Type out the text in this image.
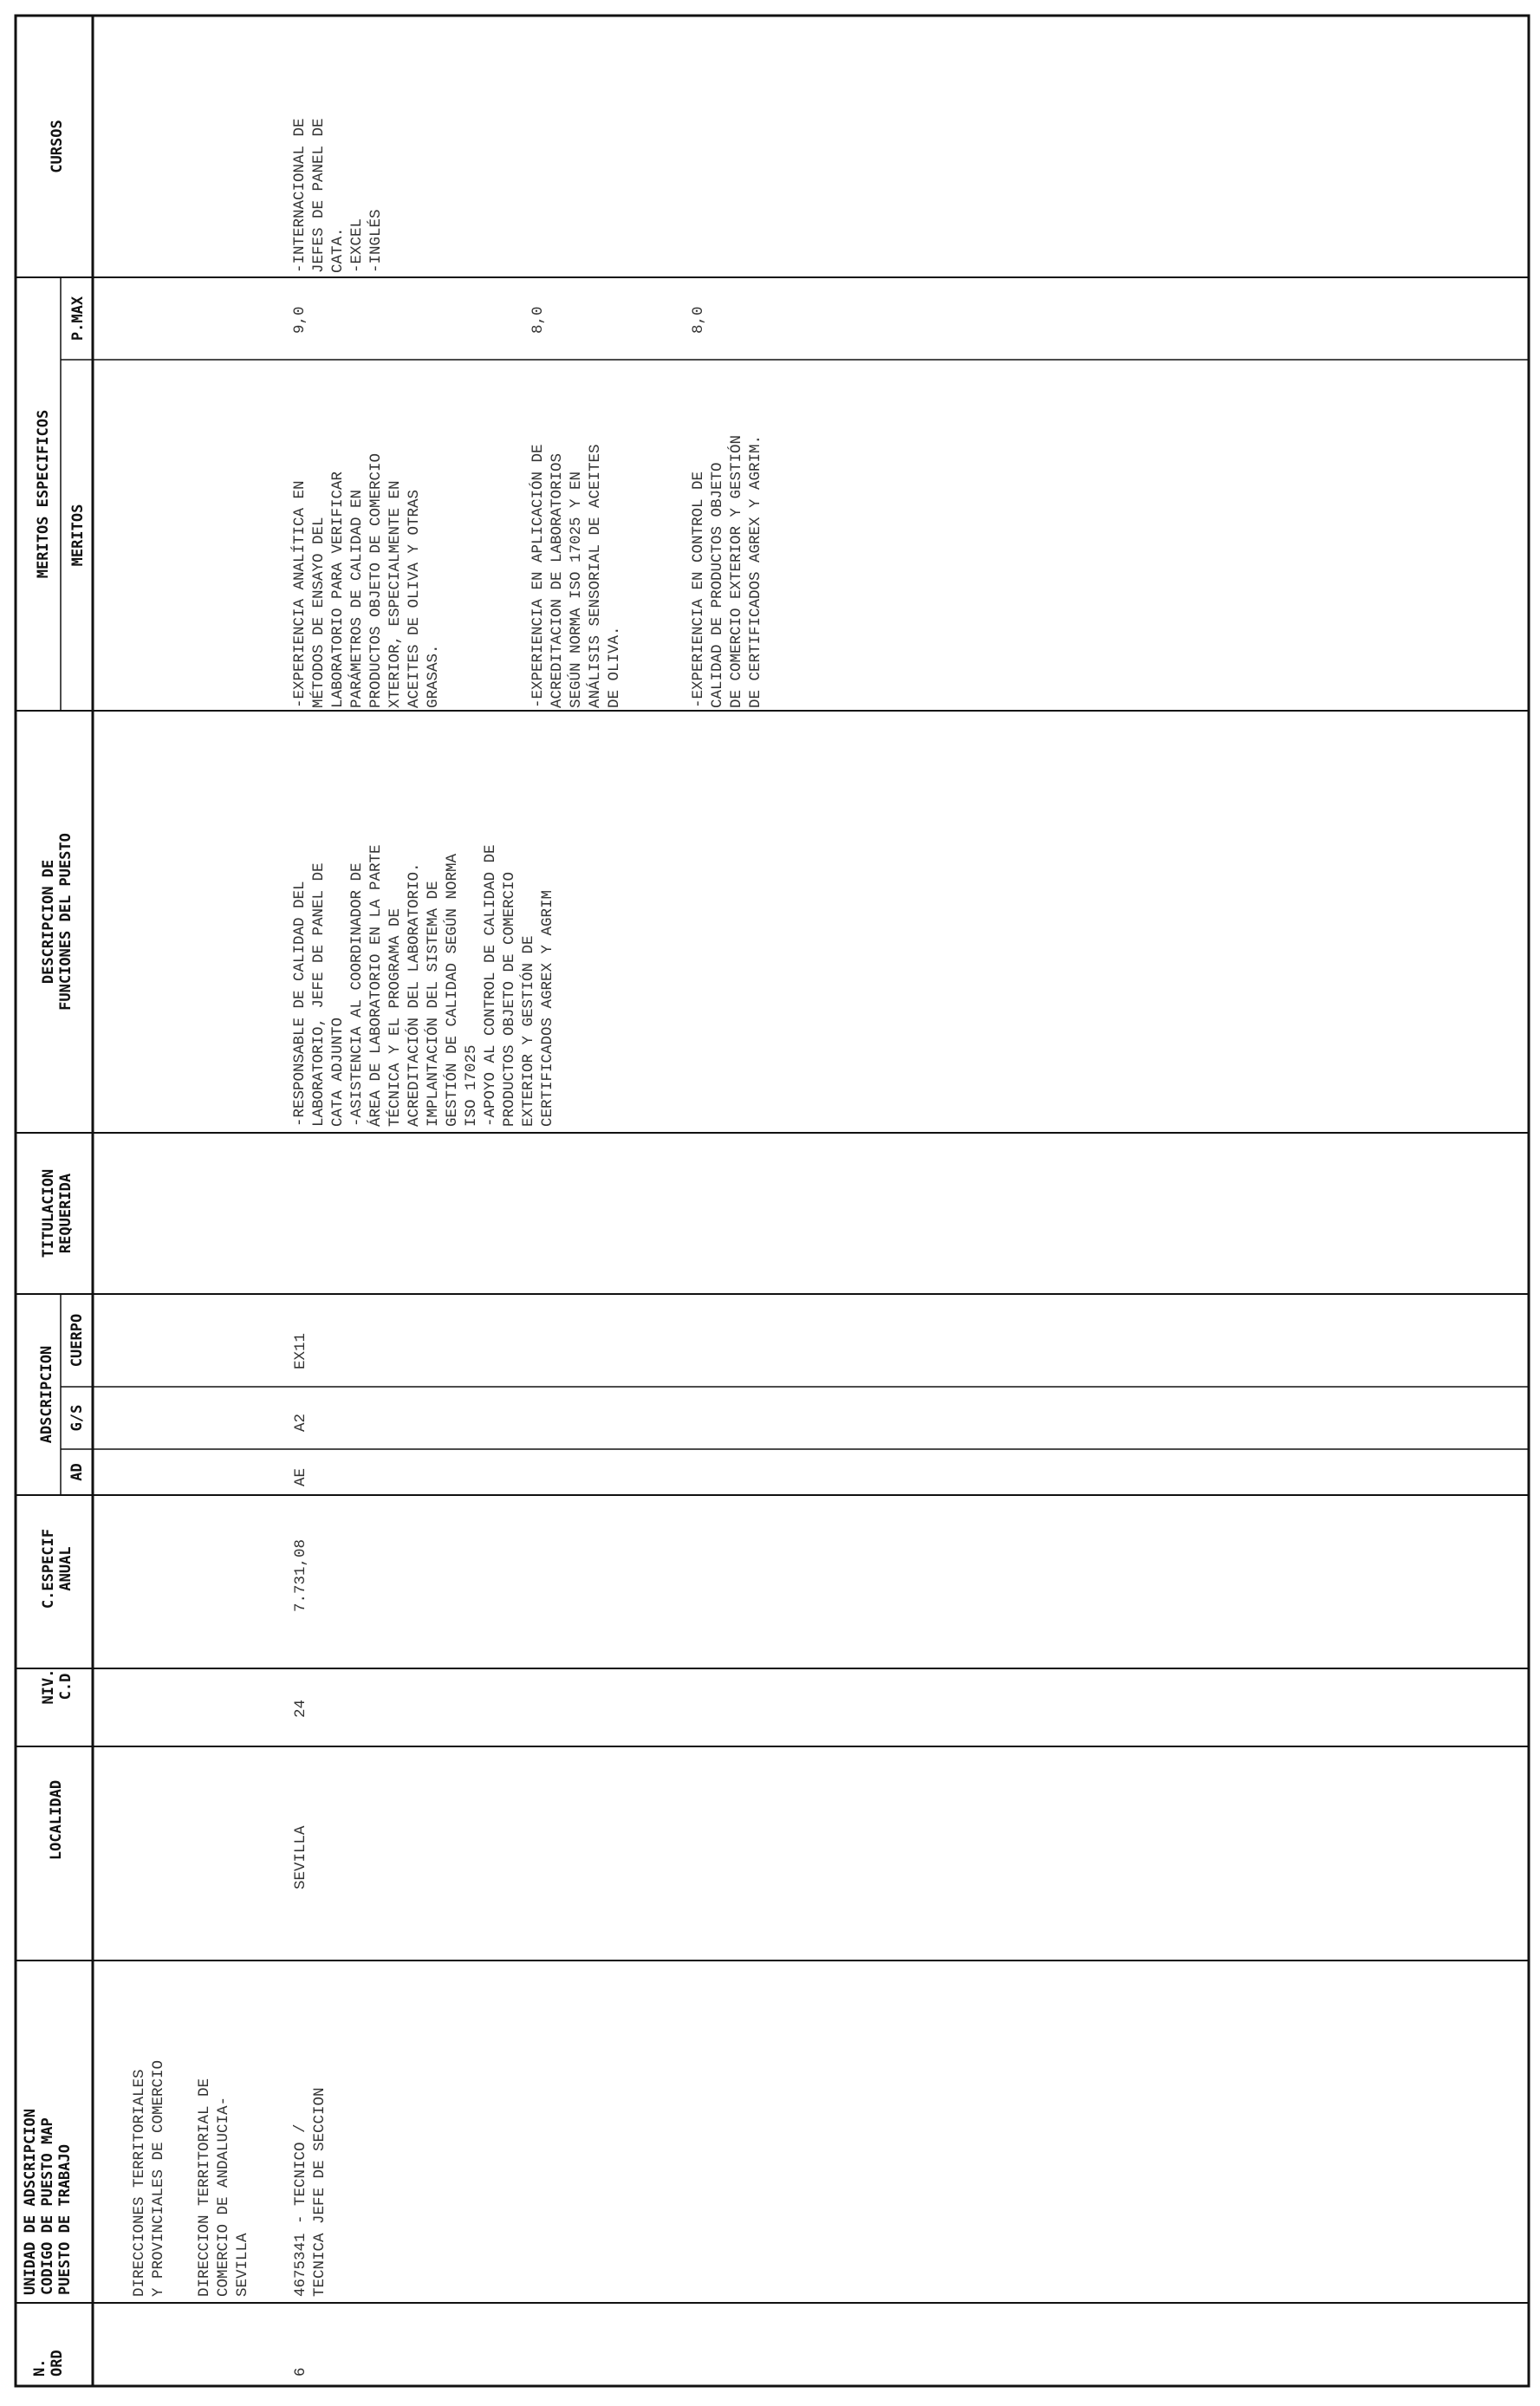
N. ORD
UNIDAD DE ADSCRIPCION CODIGO DE PUESTO MAP PUESTO DE TRABAJO
LOCALIDAD
NIV. C.D
C.ESPECIF ANUAL
ADSCRIPCION
AD
G/S
CUERPO
TITULACION REQUERIDA
DESCRIPCION DE FUNCIONES DEL PUESTO
MERITOS ESPECIFICOS MERITOS
P.MAX
CURSOS
DIRECCIONES TERRITORIALES Y PROVINCIALES DE COMERCIO DIRECCION TERRITORIAL DE COMERCIO DE ANDALUCIA- SEVILLA
6
4675341 - TECNICO / TECNICA JEFE DE SECCION
SEVILLA
24
7.731,08
AE
A2
EX11
-RESPONSABLE DE CALIDAD DEL LABORATORIO, JEFE DE PANEL DE CATA ADJUNTO -ASISTENCIA AL COORDINADOR DE ÁREA DE LABORATORIO EN LA PARTE TÉCNICA Y EL PROGRAMA DE ACREDITACIÓN DEL LABORATORIO. IMPLANTACIÓN DEL SISTEMA DE GESTIÓN DE CALIDAD SEGÚN NORMA ISO 17025 -APOYO AL CONTROL DE CALIDAD DE PRODUCTOS OBJETO DE COMERCIO EXTERIOR Y GESTIÓN DE CERTIFICADOS AGREX Y AGRIM
-EXPERIENCIA ANALÍTICA EN MÉTODOS DE ENSAYO DEL LABORATORIO PARA VERIFICAR PARÁMETROS DE CALIDAD EN PRODUCTOS OBJETO DE COMERCIO XTERIOR, ESPECIALMENTE EN ACEITES DE OLIVA Y OTRAS GRASAS.
9,0
-EXPERIENCIA EN APLICACIÓN DE ACREDITACION DE LABORATORIOS SEGÚN NORMA ISO 17025 Y EN ANÁLISIS SENSORIAL DE ACEITES DE OLIVA.
8,0
-EXPERIENCIA EN CONTROL DE CALIDAD DE PRODUCTOS OBJETO DE COMERCIO EXTERIOR Y GESTIÓN DE CERTIFICADOS AGREX Y AGRIM.
8,0
-INTERNACIONAL DE JEFES DE PANEL DE CATA. -EXCEL -INGLÉS
